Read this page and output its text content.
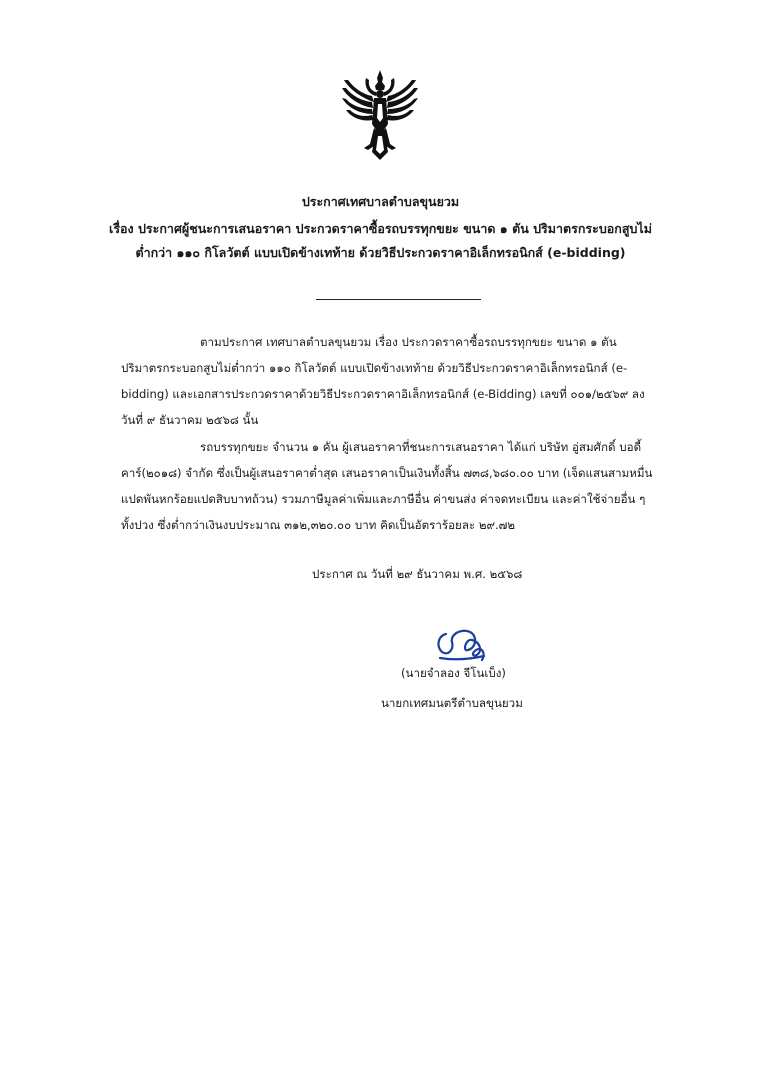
ประกาศเทศบาลตำบลขุนยวม
เรื่อง ประกาศผู้ชนะการเสนอราคา ประกวดราคาซื้อรถบรรทุกขยะ ขนาด ๑ ตัน ปริมาตรกระบอกสูบไม่
ต่ำกว่า ๑๑๐ กิโลวัตต์ แบบเปิดข้างเทท้าย ด้วยวิธีประกวดราคาอิเล็กทรอนิกส์ (e-bidding)
ตามประกาศ เทศบาลตำบลขุนยวม เรื่อง ประกวดราคาซื้อรถบรรทุกขยะ ขนาด ๑ ตัน
ปริมาตรกระบอกสูบไม่ต่ำกว่า ๑๑๐ กิโลวัตต์ แบบเปิดข้างเทท้าย ด้วยวิธีประกวดราคาอิเล็กทรอนิกส์ (e-
bidding) และเอกสารประกวดราคาด้วยวิธีประกวดราคาอิเล็กทรอนิกส์ (e-Bidding) เลขที่ ๐๐๑/๒๕๖๙ ลง
วันที่ ๙ ธันวาคม ๒๕๖๘ นั้น
รถบรรทุกขยะ จำนวน ๑ คัน ผู้เสนอราคาที่ชนะการเสนอราคา ได้แก่ บริษัท อู่สมศักดิ์ บอดี้
คาร์(๒๐๑๘) จำกัด ซึ่งเป็นผู้เสนอราคาต่ำสุด เสนอราคาเป็นเงินทั้งสิ้น ๗๓๘,๖๘๐.๐๐ บาท (เจ็ดแสนสามหมื่น
แปดพันหกร้อยแปดสิบบาทถ้วน) รวมภาษีมูลค่าเพิ่มและภาษีอื่น ค่าขนส่ง ค่าจดทะเบียน และค่าใช้จ่ายอื่น ๆ
ทั้งปวง ซึ่งต่ำกว่าเงินงบประมาณ ๓๑๒,๓๒๐.๐๐ บาท คิดเป็นอัตราร้อยละ ๒๙.๗๒
ประกาศ ณ วันที่ ๒๙ ธันวาคม พ.ศ. ๒๕๖๘
(นายจำลอง จีโนเบ็ง)
นายกเทศมนตรีตำบลขุนยวม
